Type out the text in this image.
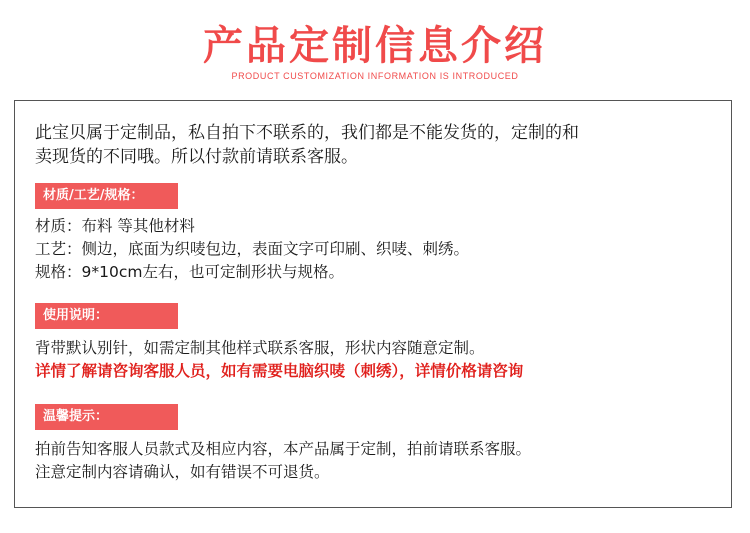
产品定制信息介绍
PRODUCT CUSTOMIZATION INFORMATION IS INTRODUCED
此宝贝属于定制品，私自拍下不联系的，我们都是不能发货的，定制的和
卖现货的不同哦。所以付款前请联系客服。
材质/工艺/规格：
材质：布料 等其他材料
工艺：侧边，底面为织唛包边，表面文字可印刷、织唛、刺绣。
规格：9*10cm左右，也可定制形状与规格。
使用说明：
背带默认别针，如需定制其他样式联系客服，形状内容随意定制。
详情了解请咨询客服人员，如有需要电脑织唛（刺绣），详情价格请咨询
温馨提示：
拍前告知客服人员款式及相应内容，本产品属于定制，拍前请联系客服。
注意定制内容请确认，如有错误不可退货。
